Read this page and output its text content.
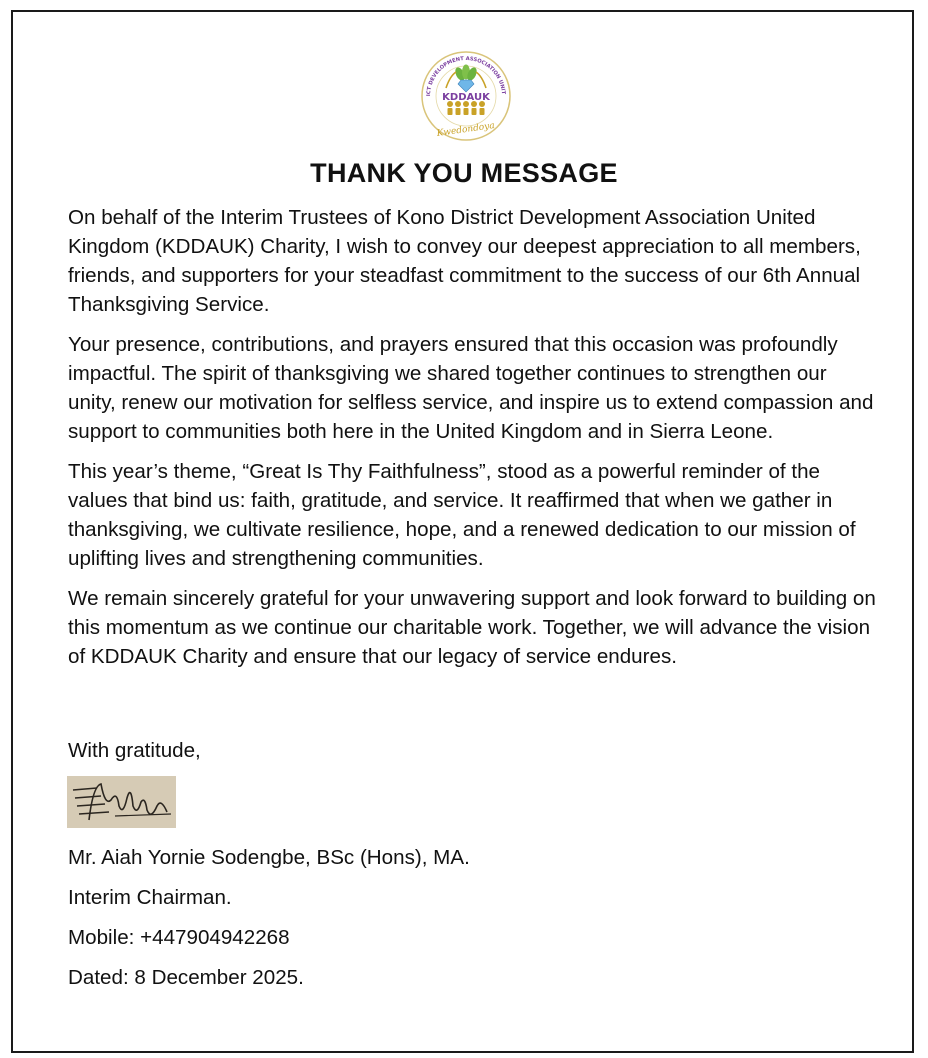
ICT DEVELOPMENT ASSOCIATION UNIT
KDDAUK
Kwedondoya
THANK YOU MESSAGE

On behalf of the Interim Trustees of Kono District Development Association United Kingdom (KDDAUK) Charity, I wish to convey our deepest appreciation to all members, friends, and supporters for your steadfast commitment to the success of our 6th Annual Thanksgiving Service.

Your presence, contributions, and prayers ensured that this occasion was profoundly impactful. The spirit of thanksgiving we shared together continues to strengthen our unity, renew our motivation for selfless service, and inspire us to extend compassion and support to communities both here in the United Kingdom and in Sierra Leone.

This year’s theme, “Great Is Thy Faithfulness”, stood as a powerful reminder of the values that bind us: faith, gratitude, and service. It reaffirmed that when we gather in thanksgiving, we cultivate resilience, hope, and a renewed dedication to our mission of uplifting lives and strengthening communities.

We remain sincerely grateful for your unwavering support and look forward to building on this momentum as we continue our charitable work. Together, we will advance the vision of KDDAUK Charity and ensure that our legacy of service endures.

With gratitude,
Mr. Aiah Yornie Sodengbe, BSc (Hons), MA.
Interim Chairman.
Mobile: +447904942268
Dated: 8 December 2025.
